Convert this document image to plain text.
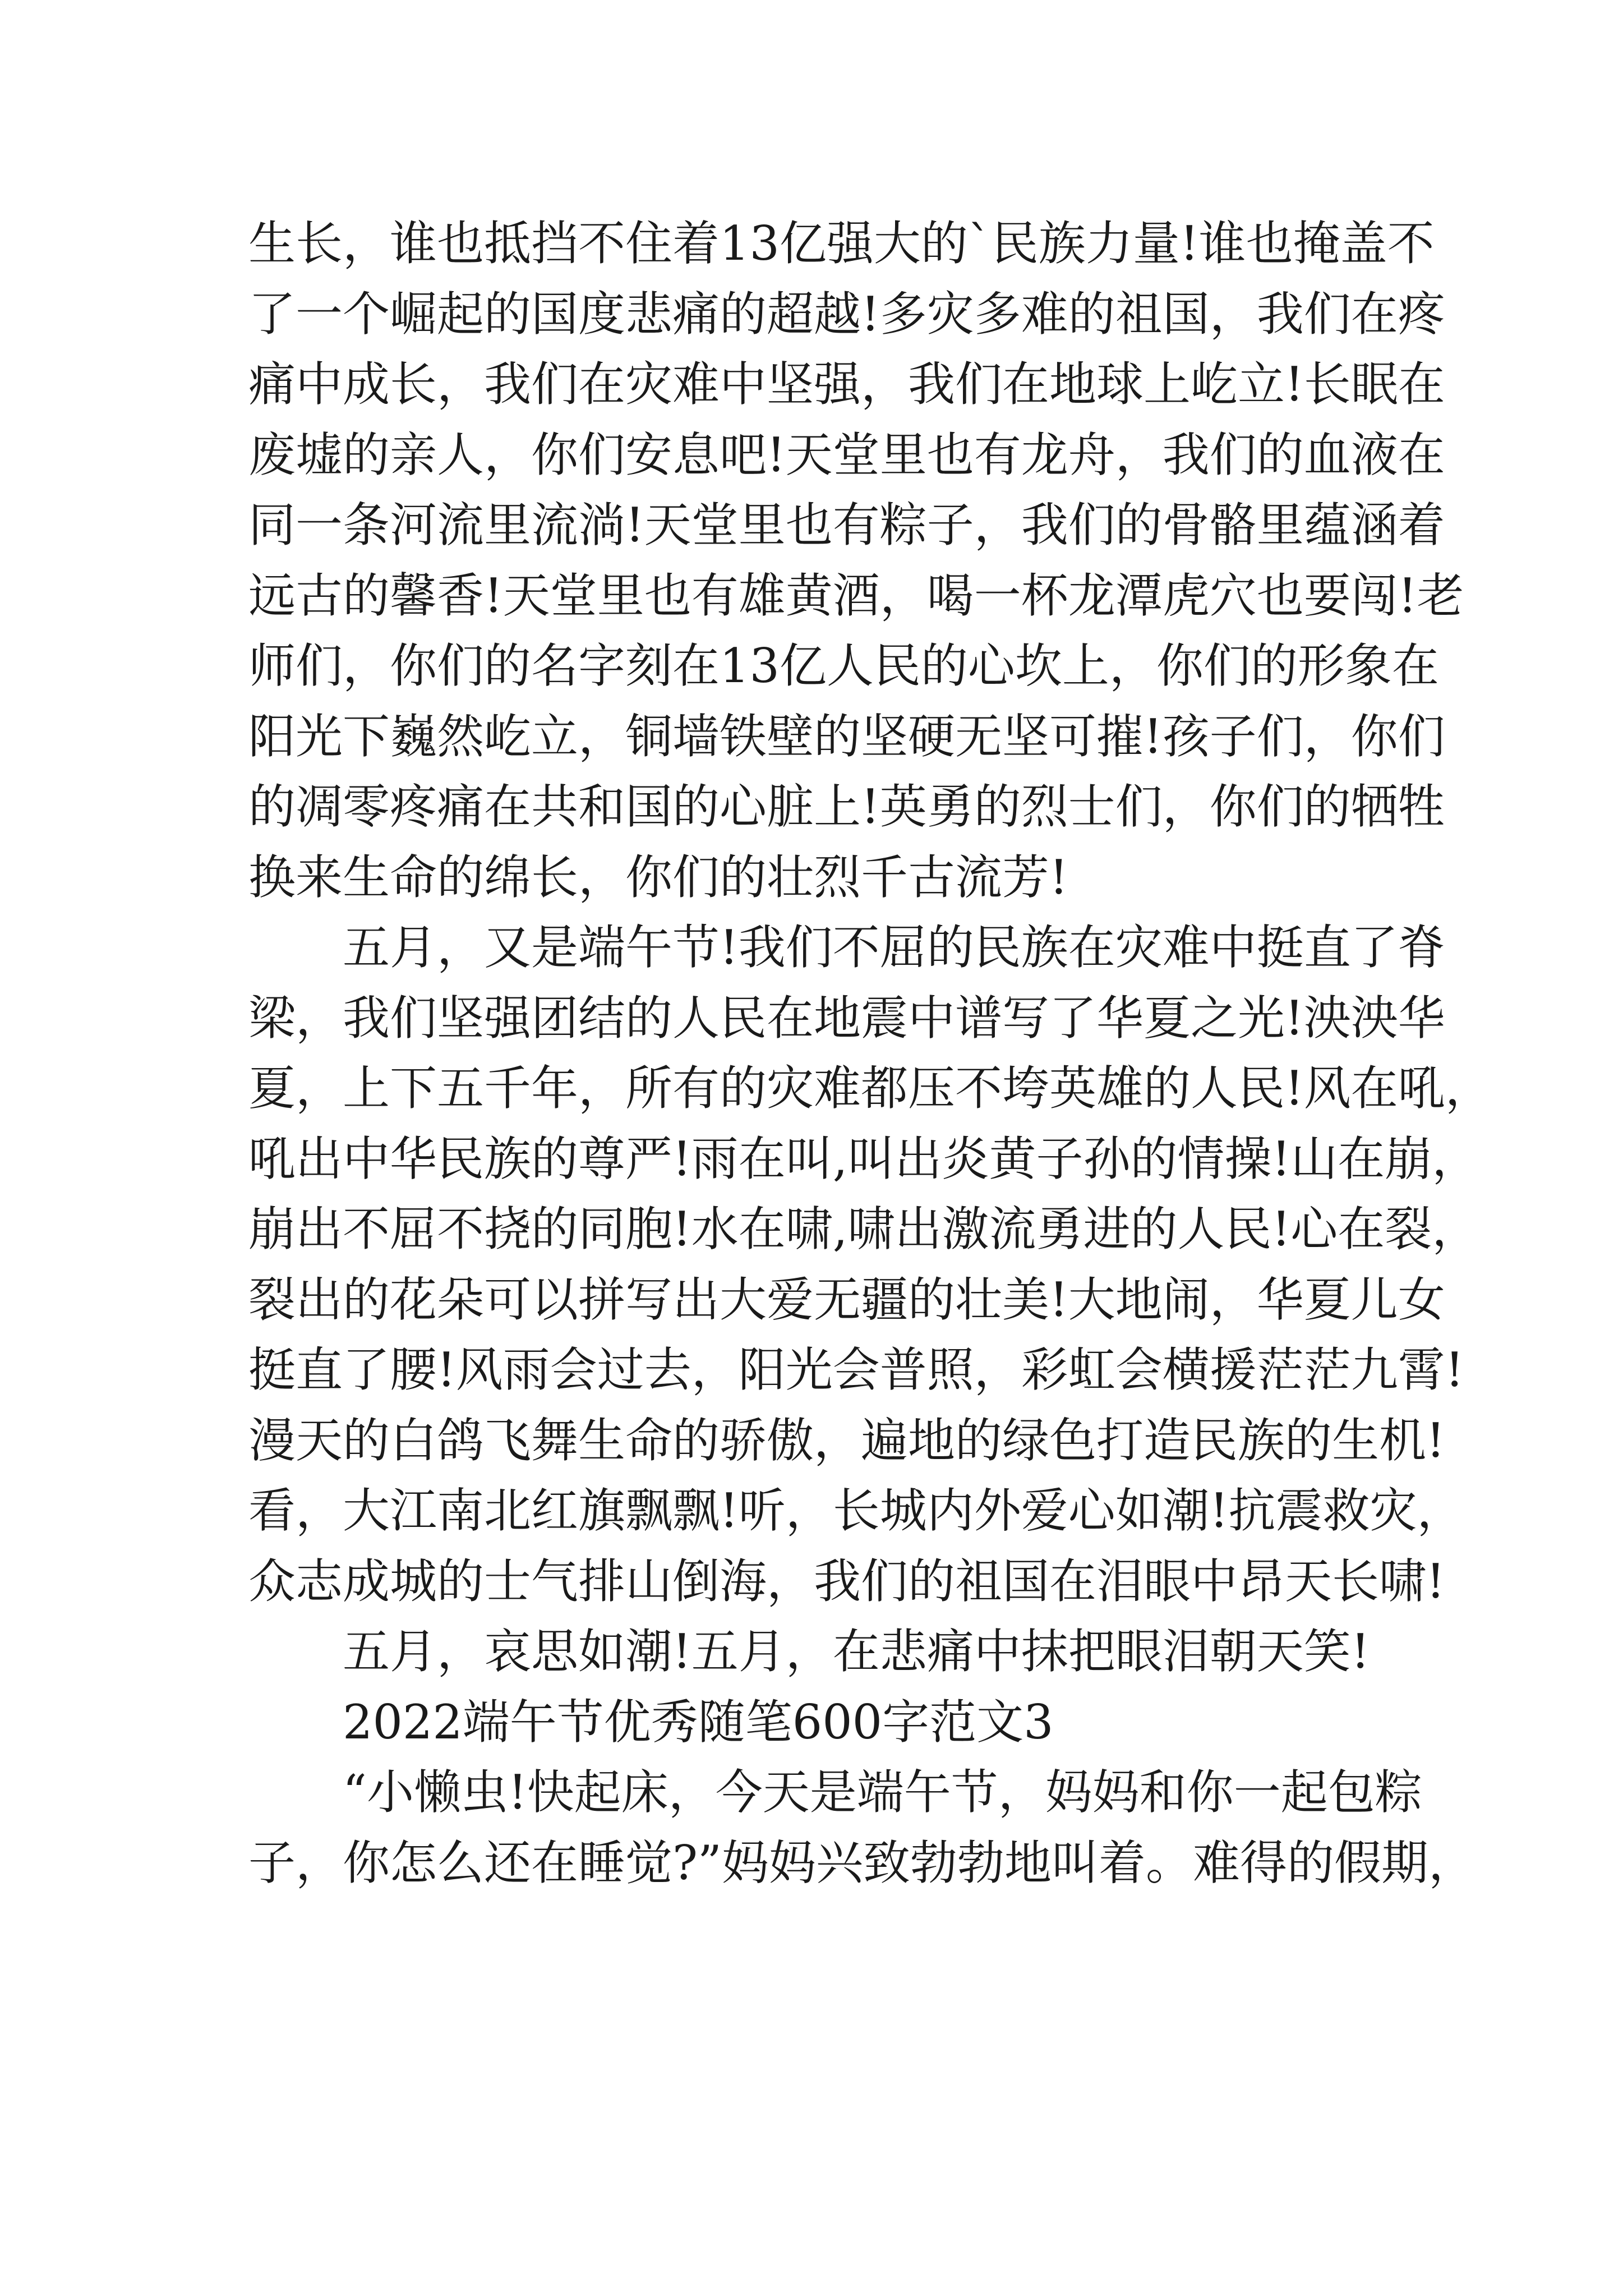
生长，谁也抵挡不住着13亿强大的`民族力量!谁也掩盖不
了一个崛起的国度悲痛的超越!多灾多难的祖国，我们在疼
痛中成长，我们在灾难中坚强，我们在地球上屹立!长眠在
废墟的亲人，你们安息吧!天堂里也有龙舟，我们的血液在
同一条河流里流淌!天堂里也有粽子，我们的骨骼里蕴涵着
远古的馨香!天堂里也有雄黄酒，喝一杯龙潭虎穴也要闯!老
师们，你们的名字刻在13亿人民的心坎上，你们的形象在
阳光下巍然屹立，铜墙铁壁的坚硬无坚可摧!孩子们，你们
的凋零疼痛在共和国的心脏上!英勇的烈士们，你们的牺牲
换来生命的绵长，你们的壮烈千古流芳!
五月，又是端午节!我们不屈的民族在灾难中挺直了脊
梁，我们坚强团结的人民在地震中谱写了华夏之光!泱泱华
夏，上下五千年，所有的灾难都压不垮英雄的人民!风在吼，
吼出中华民族的尊严!雨在叫,叫出炎黄子孙的情操!山在崩，
崩出不屈不挠的同胞!水在啸,啸出激流勇进的人民!心在裂，
裂出的花朵可以拼写出大爱无疆的壮美!大地闹，华夏儿女
挺直了腰!风雨会过去，阳光会普照，彩虹会横援茫茫九霄!
漫天的白鸽飞舞生命的骄傲，遍地的绿色打造民族的生机!
看，大江南北红旗飘飘!听，长城内外爱心如潮!抗震救灾，
众志成城的士气排山倒海，我们的祖国在泪眼中昂天长啸!
五月，哀思如潮!五月，在悲痛中抹把眼泪朝天笑!
2022端午节优秀随笔600字范文3
“小懒虫!快起床，今天是端午节，妈妈和你一起包粽
子，你怎么还在睡觉?”妈妈兴致勃勃地叫着。难得的假期，
